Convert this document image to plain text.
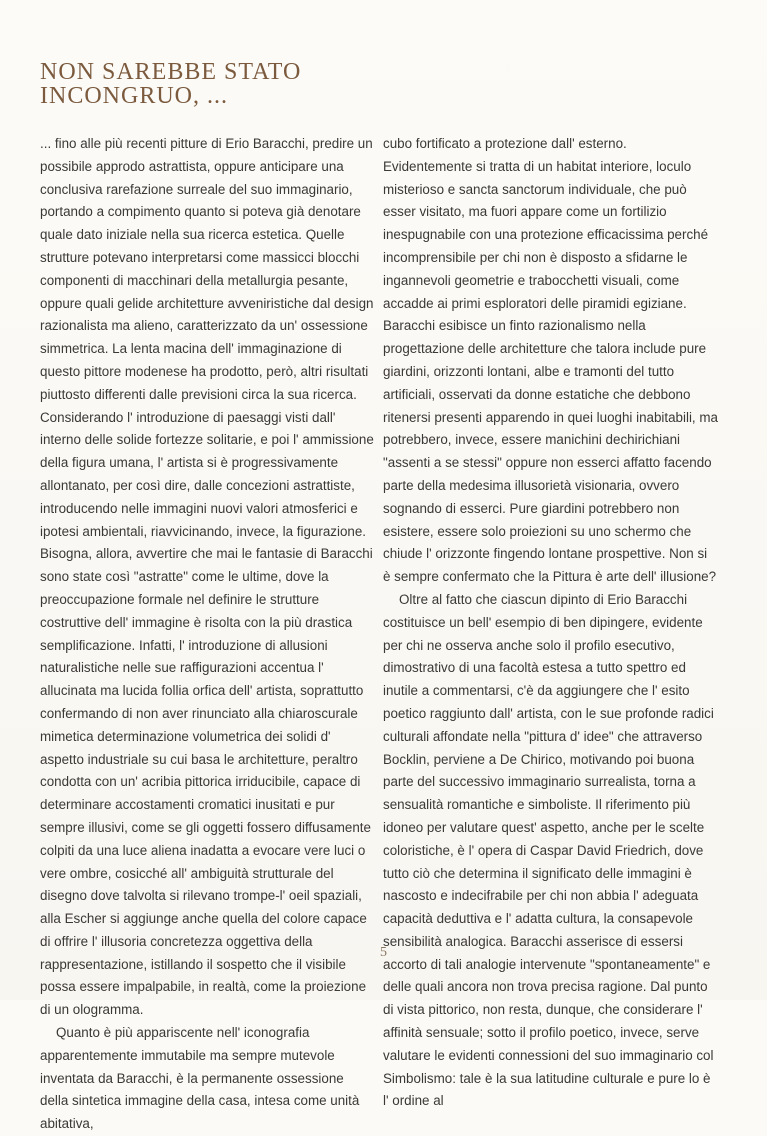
NON SAREBBE STATO
INCONGRUO, ...

... fino alle più recenti pitture di Erio Baracchi, predire un possibile approdo astrattista, oppure anticipare una conclusiva rarefazione surreale del suo immaginario, portando a compimento quanto si poteva già denotare quale dato iniziale nella sua ricerca estetica. Quelle strutture potevano interpretarsi come massicci blocchi componenti di macchinari della metallurgia pesante, oppure quali gelide architetture avveniristiche dal design razionalista ma alieno, caratterizzato da un' ossessione simmetrica. La lenta macina dell' immaginazione di questo pittore modenese ha prodotto, però, altri risultati piuttosto differenti dalle previsioni circa la sua ricerca. Considerando l' introduzione di paesaggi visti dall' interno delle solide fortezze solitarie, e poi l' ammissione della figura umana, l' artista si è progressivamente allontanato, per così dire, dalle concezioni astrattiste, introducendo nelle immagini nuovi valori atmosferici e ipotesi ambientali, riavvicinando, invece, la figurazione. Bisogna, allora, avvertire che mai le fantasie di Baracchi sono state così "astratte" come le ultime, dove la preoccupazione formale nel definire le strutture costruttive dell' immagine è risolta con la più drastica semplificazione. Infatti, l' introduzione di allusioni naturalistiche nelle sue raffigurazioni accentua l' allucinata ma lucida follia orfica dell' artista, soprattutto confermando di non aver rinunciato alla chiaroscurale mimetica determinazione volumetrica dei solidi d' aspetto industriale su cui basa le architetture, peraltro condotta con un' acribia pittorica irriducibile, capace di determinare accostamenti cromatici inusitati e pur sempre illusivi, come se gli oggetti fossero diffusamente colpiti da una luce aliena inadatta a evocare vere luci o vere ombre, cosicché all' ambiguità strutturale del disegno dove talvolta si rilevano trompe-l' oeil spaziali, alla Escher si aggiunge anche quella del colore capace di offrire l' illusoria concretezza oggettiva della rappresentazione, istillando il sospetto che il visibile possa essere impalpabile, in realtà, come la proiezione di un ologramma.

Quanto è più appariscente nell' iconografia apparentemente immutabile ma sempre mutevole inventata da Baracchi, è la permanente ossessione della sintetica immagine della casa, intesa come unità abitativa,

cubo fortificato a protezione dall' esterno. Evidentemente si tratta di un habitat interiore, loculo misterioso e sancta sanctorum individuale, che può esser visitato, ma fuori appare come un fortilizio inespugnabile con una protezione efficacissima perché incomprensibile per chi non è disposto a sfidarne le ingannevoli geometrie e trabocchetti visuali, come accadde ai primi esploratori delle piramidi egiziane. Baracchi esibisce un finto razionalismo nella progettazione delle architetture che talora include pure giardini, orizzonti lontani, albe e tramonti del tutto artificiali, osservati da donne estatiche che debbono ritenersi presenti apparendo in quei luoghi inabitabili, ma potrebbero, invece, essere manichini dechirichiani "assenti a se stessi" oppure non esserci affatto facendo parte della medesima illusorietà visionaria, ovvero sognando di esserci. Pure giardini potrebbero non esistere, essere solo proiezioni su uno schermo che chiude l' orizzonte fingendo lontane prospettive. Non si è sempre confermato che la Pittura è arte dell' illusione?

Oltre al fatto che ciascun dipinto di Erio Baracchi costituisce un bell' esempio di ben dipingere, evidente per chi ne osserva anche solo il profilo esecutivo, dimostrativo di una facoltà estesa a tutto spettro ed inutile a commentarsi, c'è da aggiungere che l' esito poetico raggiunto dall' artista, con le sue profonde radici culturali affondate nella "pittura d' idee" che attraverso Bocklin, perviene a De Chirico, motivando poi buona parte del successivo immaginario surrealista, torna a sensualità romantiche e simboliste. Il riferimento più idoneo per valutare quest' aspetto, anche per le scelte coloristiche, è l' opera di Caspar David Friedrich, dove tutto ciò che determina il significato delle immagini è nascosto e indecifrabile per chi non abbia l' adeguata capacità deduttiva e l' adatta cultura, la consapevole sensibilità analogica. Baracchi asserisce di essersi accorto di tali analogie intervenute "spontaneamente" e delle quali ancora non trova precisa ragione. Dal punto di vista pittorico, non resta, dunque, che considerare l' affinità sensuale; sotto il profilo poetico, invece, serve valutare le evidenti connessioni del suo immaginario col Simbolismo: tale è la sua latitudine culturale e pure lo è l' ordine al

5
